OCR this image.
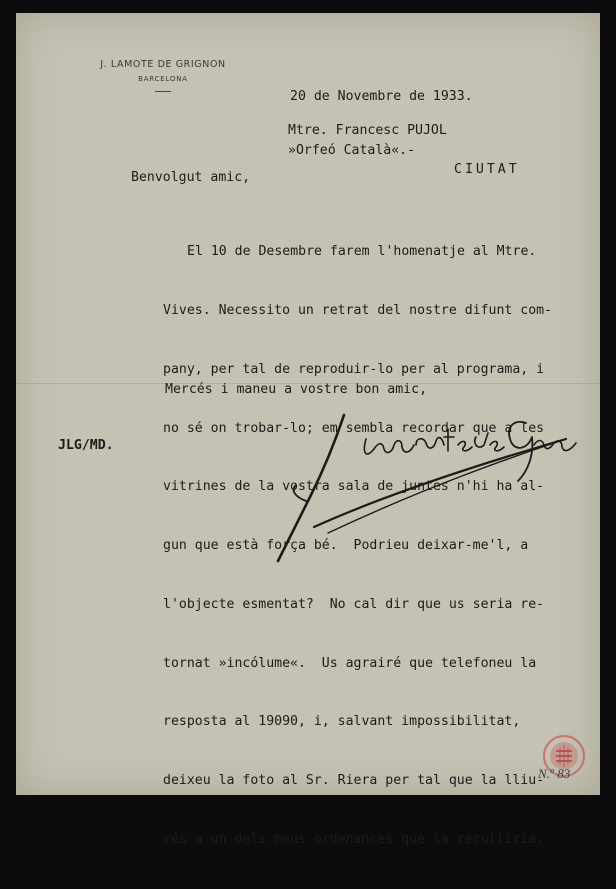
J. LAMOTE DE GRIGNON
BARCELONA
20 de Novembre de 1933.
Mtre. Francesc PUJOL
»Orfeó Català«.-
CIUTAT
Benvolgut amic,

El 10 de Desembre farem l'homenatje al Mtre.

Vives. Necessito un retrat del nostre difunt com-

pany, per tal de reproduir-lo per al programa, i

no sé on trobar-lo; em sembla recordar que a les

vitrines de la vostra sala de juntes n'hi ha al-

gun que està força bé.  Podrieu deixar-me'l, a

l'objecte esmentat?  No cal dir que us seria re-

tornat »incólume«.  Us agrairé que telefoneu la

resposta al 19090, i, salvant impossibilitat,

deixeu la foto al Sr. Riera per tal que la lliu-

rés a un dels meus ordenances que la reculliria.

Mercés i maneu a vostre bon amic,
JLG/MD.
N.º 83
